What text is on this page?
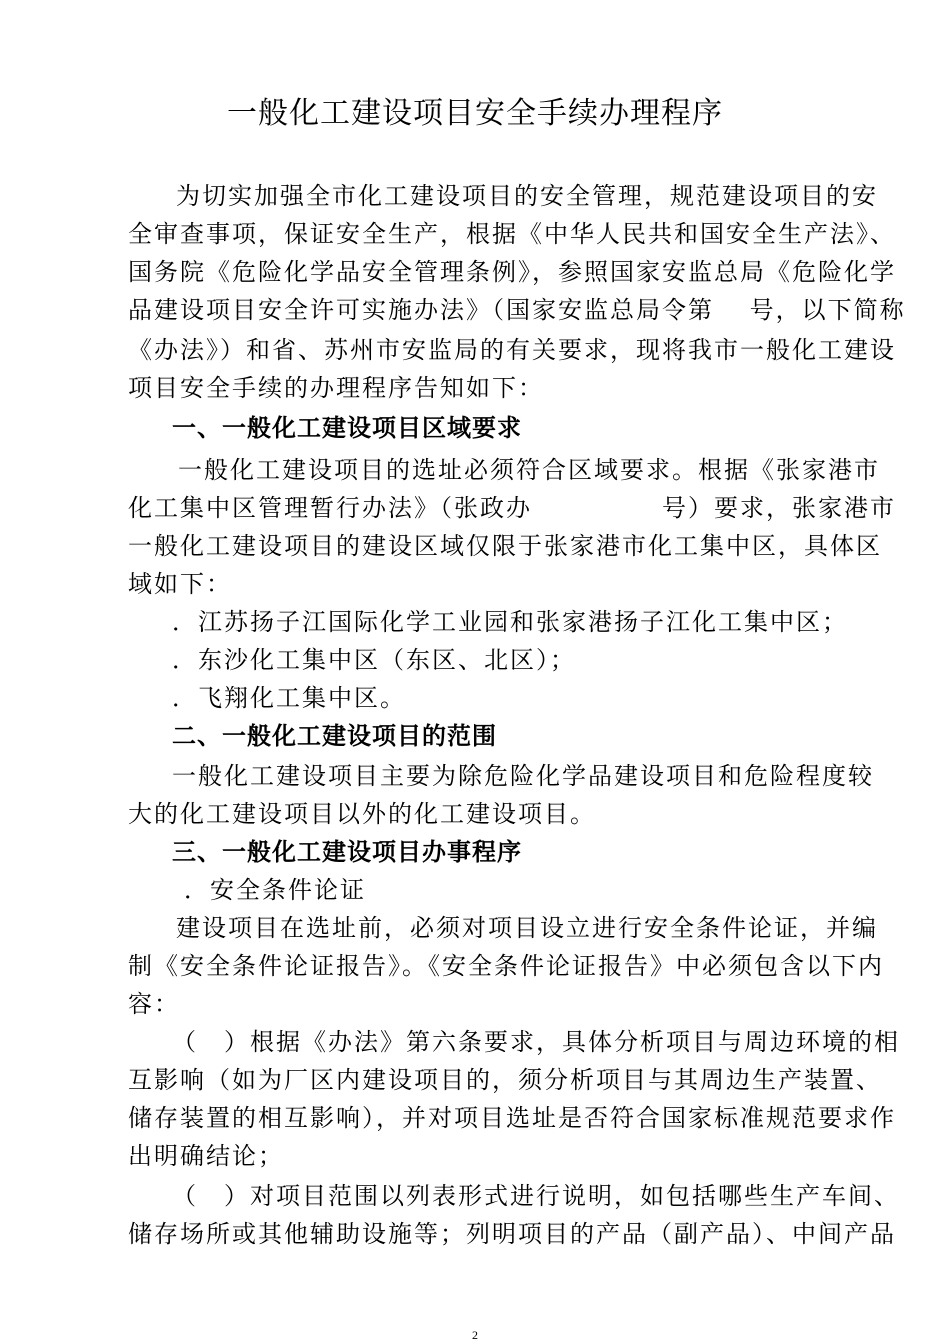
一般化工建设项目安全手续办理程序
为切实加强全市化工建设项目的安全管理，规范建设项目的安
全审查事项，保证安全生产，根据《中华人民共和国安全生产法》、
国务院《危险化学品安全管理条例》，参照国家安监总局《危险化学
品建设项目安全许可实施办法》（国家安监总局令第　 号，以下简称
《办法》）和省、苏州市安监局的有关要求，现将我市一般化工建设
项目安全手续的办理程序告知如下：
一、一般化工建设项目区域要求
一般化工建设项目的选址必须符合区域要求。根据《张家港市
化工集中区管理暂行办法》（张政办　　　　　号）要求，张家港市
一般化工建设项目的建设区域仅限于张家港市化工集中区，具体区
域如下：
．江苏扬子江国际化学工业园和张家港扬子江化工集中区；
．东沙化工集中区（东区、北区）；
．飞翔化工集中区。
二、一般化工建设项目的范围
一般化工建设项目主要为除危险化学品建设项目和危险程度较
大的化工建设项目以外的化工建设项目。
三、一般化工建设项目办事程序
．安全条件论证
建设项目在选址前，必须对项目设立进行安全条件论证，并编
制《安全条件论证报告》。《安全条件论证报告》中必须包含以下内
容：
（　）根据《办法》第六条要求，具体分析项目与周边环境的相
互影响（如为厂区内建设项目的，须分析项目与其周边生产装置、
储存装置的相互影响），并对项目选址是否符合国家标准规范要求作
出明确结论；
（　）对项目范围以列表形式进行说明，如包括哪些生产车间、
储存场所或其他辅助设施等；列明项目的产品（副产品）、中间产品
2
